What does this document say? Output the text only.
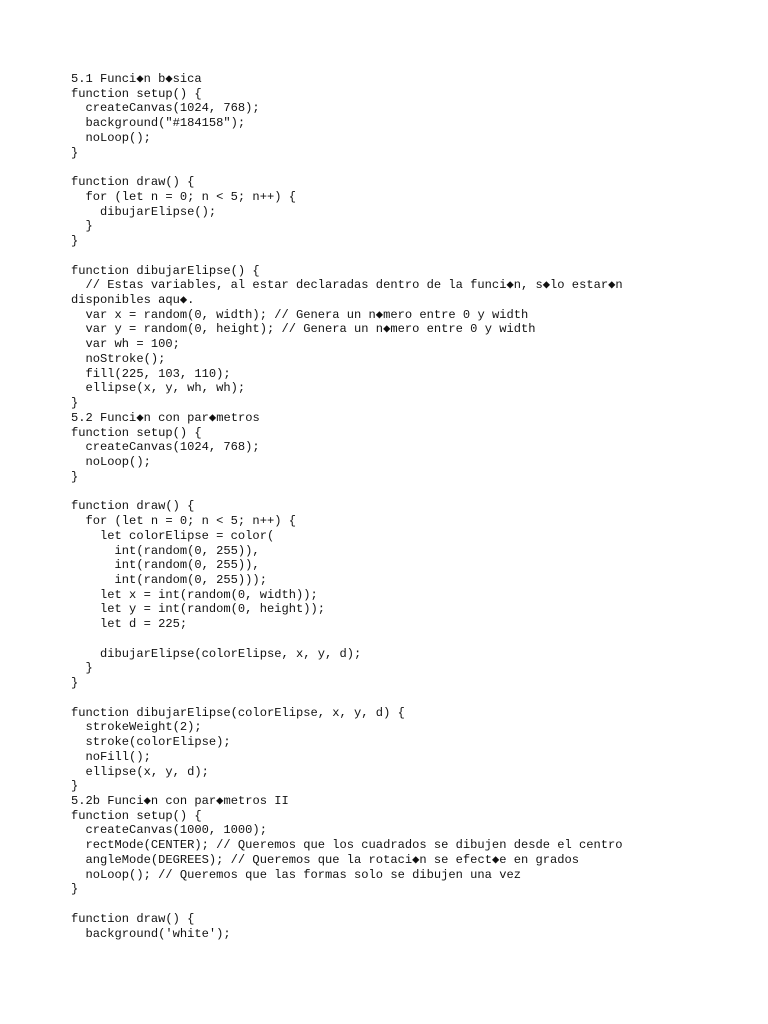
5.1 Funci◆n b◆sica
function setup() {
createCanvas(1024, 768);
background("#184158");
noLoop();
}
function draw() {
for (let n = 0; n < 5; n++) {
dibujarElipse();
}
}
function dibujarElipse() {
// Estas variables, al estar declaradas dentro de la funci◆n, s◆lo estar◆n
disponibles aqu◆.
var x = random(0, width); // Genera un n◆mero entre 0 y width
var y = random(0, height); // Genera un n◆mero entre 0 y width
var wh = 100;
noStroke();
fill(225, 103, 110);
ellipse(x, y, wh, wh);
}
5.2 Funci◆n con par◆metros
function setup() {
createCanvas(1024, 768);
noLoop();
}
function draw() {
for (let n = 0; n < 5; n++) {
let colorElipse = color(
int(random(0, 255)),
int(random(0, 255)),
int(random(0, 255)));
let x = int(random(0, width));
let y = int(random(0, height));
let d = 225;
dibujarElipse(colorElipse, x, y, d);
}
}
function dibujarElipse(colorElipse, x, y, d) {
strokeWeight(2);
stroke(colorElipse);
noFill();
ellipse(x, y, d);
}
5.2b Funci◆n con par◆metros II
function setup() {
createCanvas(1000, 1000);
rectMode(CENTER); // Queremos que los cuadrados se dibujen desde el centro
angleMode(DEGREES); // Queremos que la rotaci◆n se efect◆e en grados
noLoop(); // Queremos que las formas solo se dibujen una vez
}
function draw() {
background('white');
